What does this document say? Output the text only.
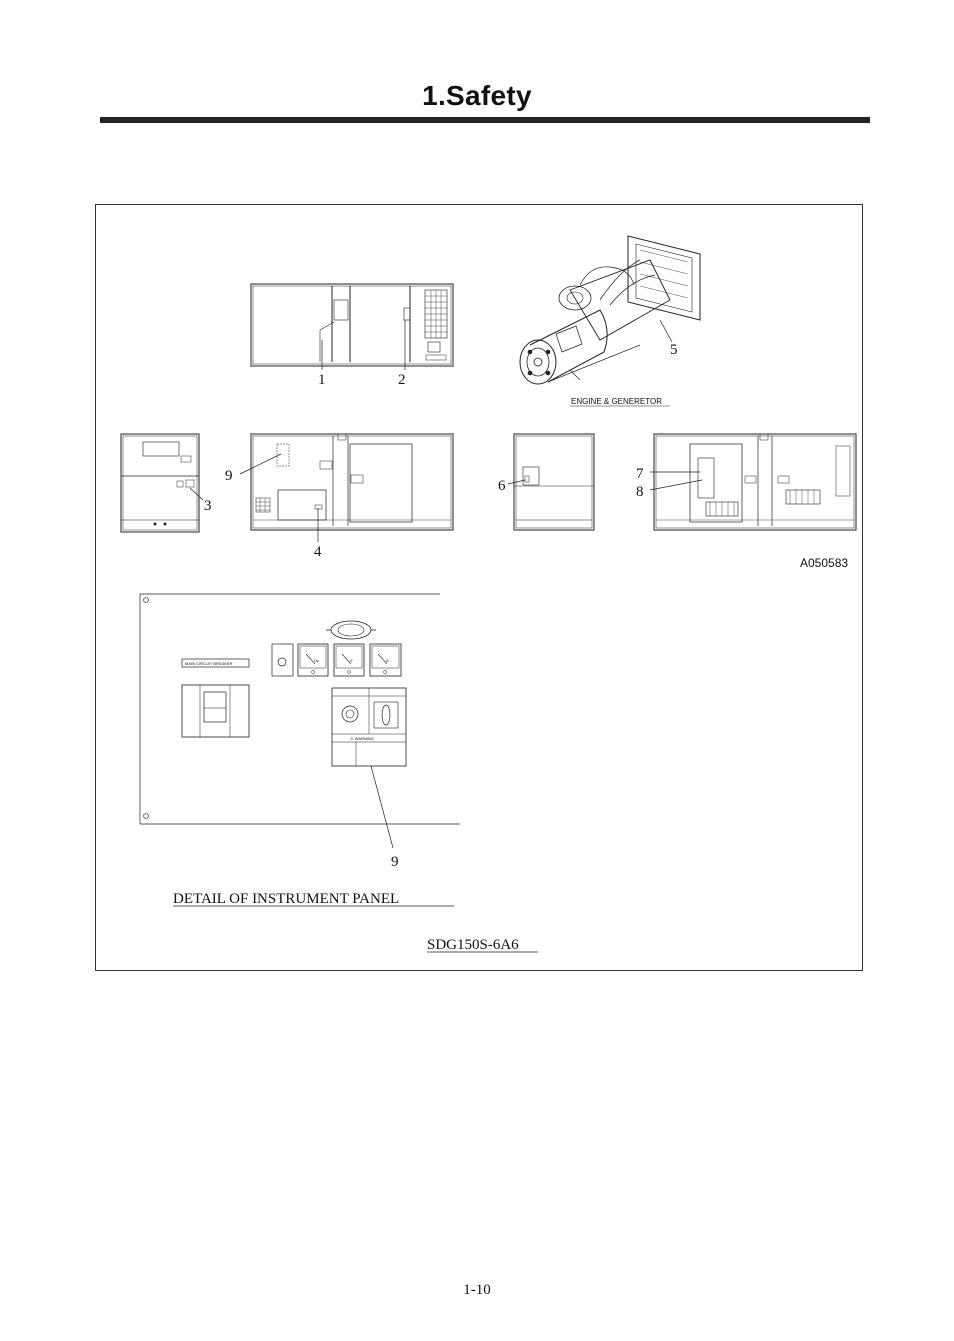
1.Safety
1	2
5
ENGINE & GENERETOR
3
9
4
6
7
8
A050583
MAIN CIRCUIT BREAKER
Hz	V	A
⚠ WARNING
9
DETAIL OF INSTRUMENT PANEL
SDG150S-6A6
1-10
